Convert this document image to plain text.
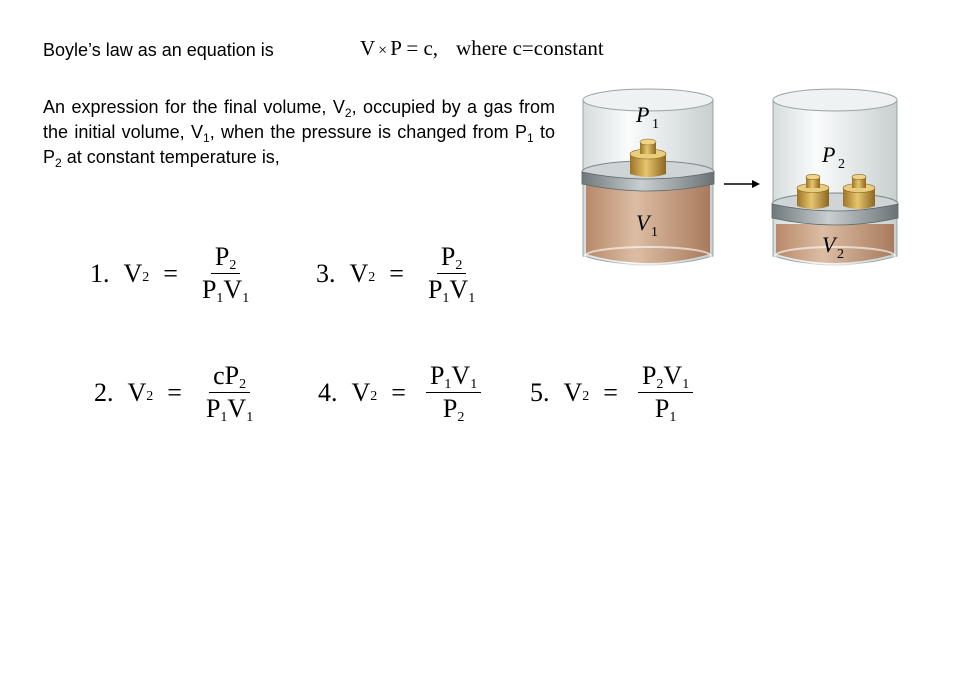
Boyle’s law as an equation is	V × P = c, where c=constant
An expression for the final volume, $V_2$, occupied by a gas from the initial volume, $V_1$, when the pressure is changed from $P_1$ to $P_2$ at constant temperature is,
1. $V_2 = \frac{P_2}{P_1V_1}$
2. $V_2 = \frac{cP_2}{P_1V_1}$
3. $V_2 = \frac{P_2}{P_1V_1}$
4. $V_2 = \frac{P_1V_1}{P_2} 5$. $V_2 = \frac{P_2V_1}{P_1}$
P 1
V 1
P 2
V 2
